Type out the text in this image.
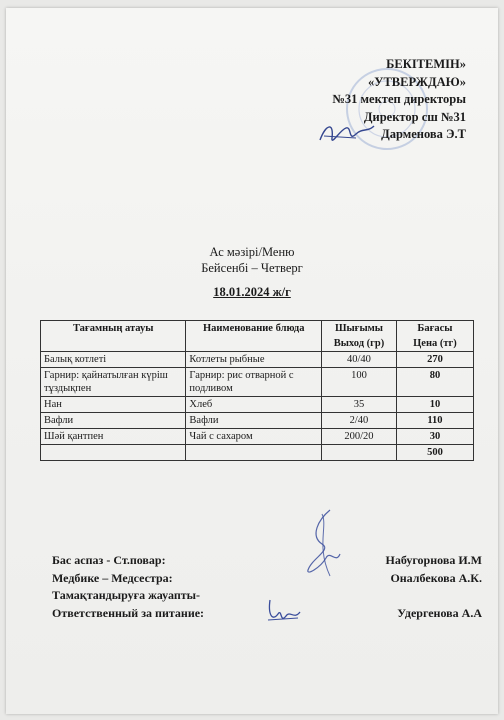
БЕКІТЕМІН»
«УТВЕРЖДАЮ»
№31 мектеп директоры
Директор сш №31
Дарменова Э.Т
Ас мәзірі/Меню
Бейсенбі – Четверг
18.01.2024 ж/г
Тағамның атауы	Наименование блюда	Шығымы	Бағасы
		Выход (гр)	Цена (тг)
Балық котлеті	Котлеты рыбные	40/40	270
Гарнир: қайнатылған күріш тұздықпен	Гарнир: рис отварной с подливом	100	80
Нан	Хлеб	35	10
Вафли	Вафли	2/40	110
Шәй қантпен	Чай с сахаром	200/20	30
			500
Бас аспаз - Ст.повар:	Набугорнова И.М
Медбике – Медсестра:	Оналбекова А.К.
Тамақтандыруға жауапты-
Ответственный за питание:	Удергенова А.А
